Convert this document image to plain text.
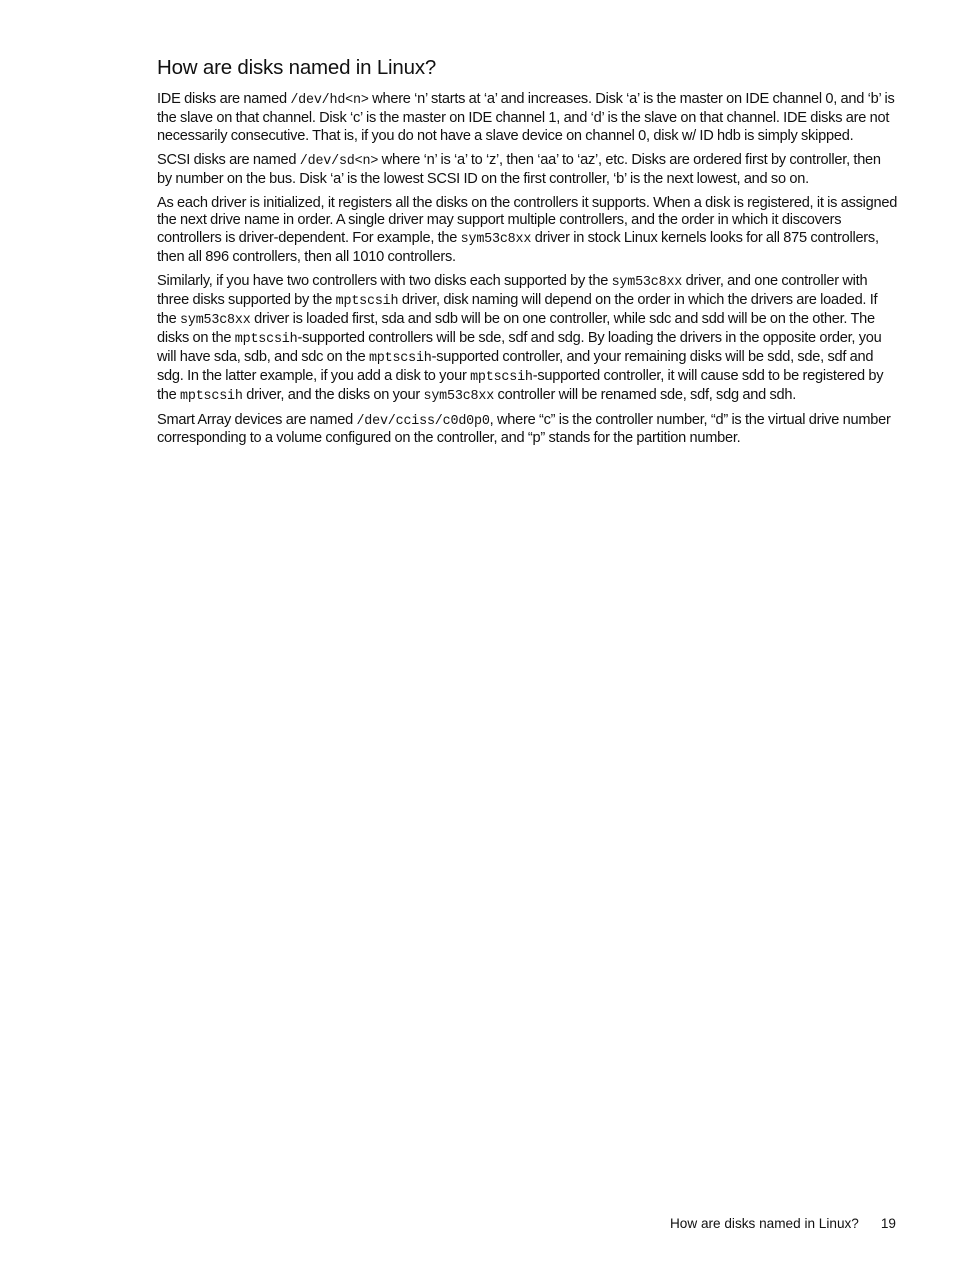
How are disks named in Linux?

IDE disks are named /dev/hd<n> where ‘n’ starts at ‘a’ and increases. Disk ‘a’ is the master on IDE channel 0, and ‘b’ is the slave on that channel. Disk ‘c’ is the master on IDE channel 1, and ‘d’ is the slave on that channel. IDE disks are not necessarily consecutive. That is, if you do not have a slave device on channel 0, disk w/ ID hdb is simply skipped.

SCSI disks are named /dev/sd<n> where ‘n’ is ‘a’ to ‘z’, then ‘aa’ to ‘az’, etc. Disks are ordered first by controller, then by number on the bus. Disk ‘a’ is the lowest SCSI ID on the first controller, ‘b’ is the next lowest, and so on.

As each driver is initialized, it registers all the disks on the controllers it supports. When a disk is registered, it is assigned the next drive name in order. A single driver may support multiple controllers, and the order in which it discovers controllers is driver-dependent. For example, the sym53c8xx driver in stock Linux kernels looks for all 875 controllers, then all 896 controllers, then all 1010 controllers.

Similarly, if you have two controllers with two disks each supported by the sym53c8xx driver, and one controller with three disks supported by the mptscsih driver, disk naming will depend on the order in which the drivers are loaded. If the sym53c8xx driver is loaded first, sda and sdb will be on one controller, while sdc and sdd will be on the other. The disks on the mptscsih-supported controllers will be sde, sdf and sdg. By loading the drivers in the opposite order, you will have sda, sdb, and sdc on the mptscsih-supported controller, and your remaining disks will be sdd, sde, sdf and sdg. In the latter example, if you add a disk to your mptscsih-supported controller, it will cause sdd to be registered by the mptscsih driver, and the disks on your sym53c8xx controller will be renamed sde, sdf, sdg and sdh.

Smart Array devices are named /dev/cciss/c0d0p0, where “c” is the controller number, “d” is the virtual drive number corresponding to a volume configured on the controller, and “p” stands for the partition number.

How are disks named in Linux? 19
